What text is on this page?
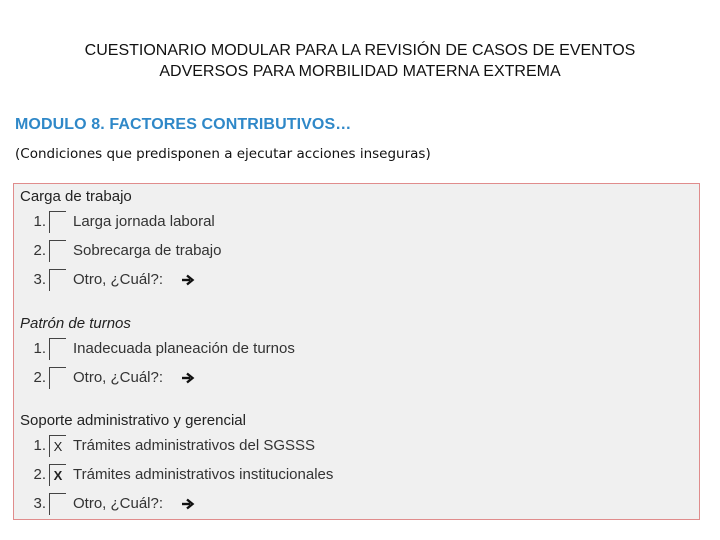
CUESTIONARIO MODULAR PARA LA REVISIÓN DE CASOS DE EVENTOS
ADVERSOS PARA MORBILIDAD MATERNA EXTREMA
MODULO 8. FACTORES CONTRIBUTIVOS…
(Condiciones que predisponen a ejecutar acciones inseguras)
Carga de trabajo
1. Larga jornada laboral
2. Sobrecarga de trabajo
3. Otro, ¿Cuál?:
Patrón de turnos
1. Inadecuada planeación de turnos
2. Otro, ¿Cuál?:
Soporte administrativo y gerencial
1. X Trámites administrativos del SGSSS
2. X Trámites administrativos institucionales
3. Otro, ¿Cuál?:
